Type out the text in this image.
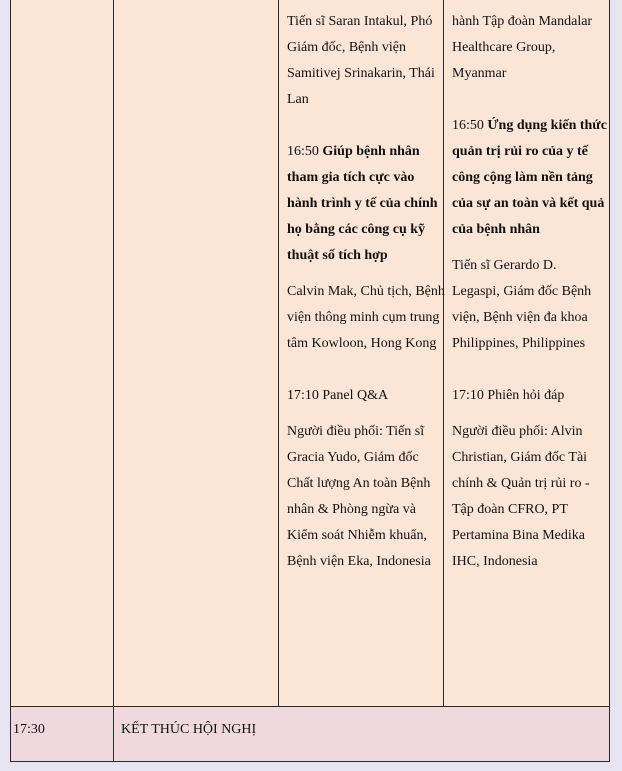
Tiến sĩ Saran Intakul, Phó Giám đốc, Bệnh viện Samitivej Srinakarin, Thái Lan

16:50 Giúp bệnh nhân tham gia tích cực vào hành trình y tế của chính họ bằng các công cụ kỹ thuật số tích hợp

Calvin Mak, Chủ tịch, Bệnh viện thông minh cụm trung tâm Kowloon, Hong Kong

17:10 Panel Q&A

Người điều phối: Tiến sĩ Gracia Yudo, Giám đốc Chất lượng An toàn Bệnh nhân & Phòng ngừa và Kiểm soát Nhiễm khuẩn, Bệnh viện Eka, Indonesia

hành Tập đoàn Mandalar Healthcare Group, Myanmar

16:50 Ứng dụng kiến thức quản trị rủi ro của y tế công cộng làm nền tảng của sự an toàn và kết quả của bệnh nhân

Tiến sĩ Gerardo D. Legaspi, Giám đốc Bệnh viện, Bệnh viện đa khoa Philippines, Philippines

17:10 Phiên hỏi đáp

Người điều phối: Alvin Christian, Giám đốc Tài chính & Quản trị rủi ro - Tập đoàn CFRO, PT Pertamina Bina Medika IHC, Indonesia

17:30	KẾT THÚC HỘI NGHỊ
